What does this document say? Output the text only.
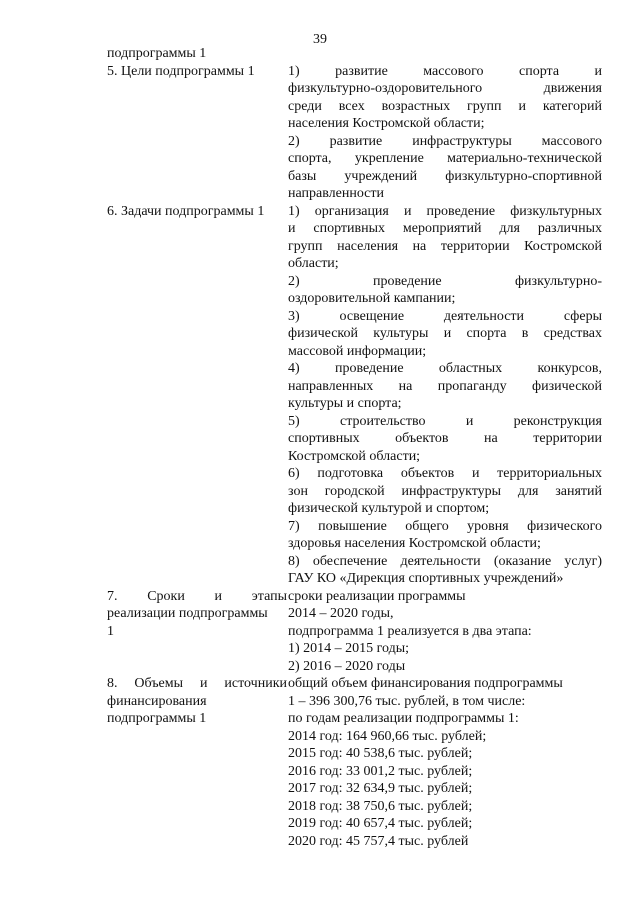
39
подпрограммы 1
5. Цели подпрограммы 1	1) развитие массового спорта и
физкультурно-оздоровительного движения
среди всех возрастных групп и категорий
населения Костромской области;
2) развитие инфраструктуры массового
спорта, укрепление материально-технической
базы учреждений физкультурно-спортивной
направленности
6. Задачи подпрограммы 1	1) организация и проведение физкультурных
и спортивных мероприятий для различных
групп населения на территории Костромской
области;
2) проведение физкультурно-
оздоровительной кампании;
3) освещение деятельности сферы
физической культуры и спорта в средствах
массовой информации;
4) проведение областных конкурсов,
направленных на пропаганду физической
культуры и спорта;
5) строительство и реконструкция
спортивных объектов на территории
Костромской области;
6) подготовка объектов и территориальных
зон городской инфраструктуры для занятий
физической культурой и спортом;
7) повышение общего уровня физического
здоровья населения Костромской области;
8) обеспечение деятельности (оказание услуг)
ГАУ КО «Дирекция спортивных учреждений»
7. Сроки и этапы
реализации подпрограммы
1
сроки реализации программы
2014 – 2020 годы,
подпрограмма 1 реализуется в два этапа:
1) 2014 – 2015 годы;
2) 2016 – 2020 годы
8. Объемы и источники
финансирования
подпрограммы 1
общий объем финансирования подпрограммы
1 – 396 300,76 тыс. рублей, в том числе:
по годам реализации подпрограммы 1:
2014 год: 164 960,66 тыс. рублей;
2015 год: 40 538,6 тыс. рублей;
2016 год: 33 001,2 тыс. рублей;
2017 год: 32 634,9 тыс. рублей;
2018 год: 38 750,6 тыс. рублей;
2019 год: 40 657,4 тыс. рублей;
2020 год: 45 757,4 тыс. рублей
